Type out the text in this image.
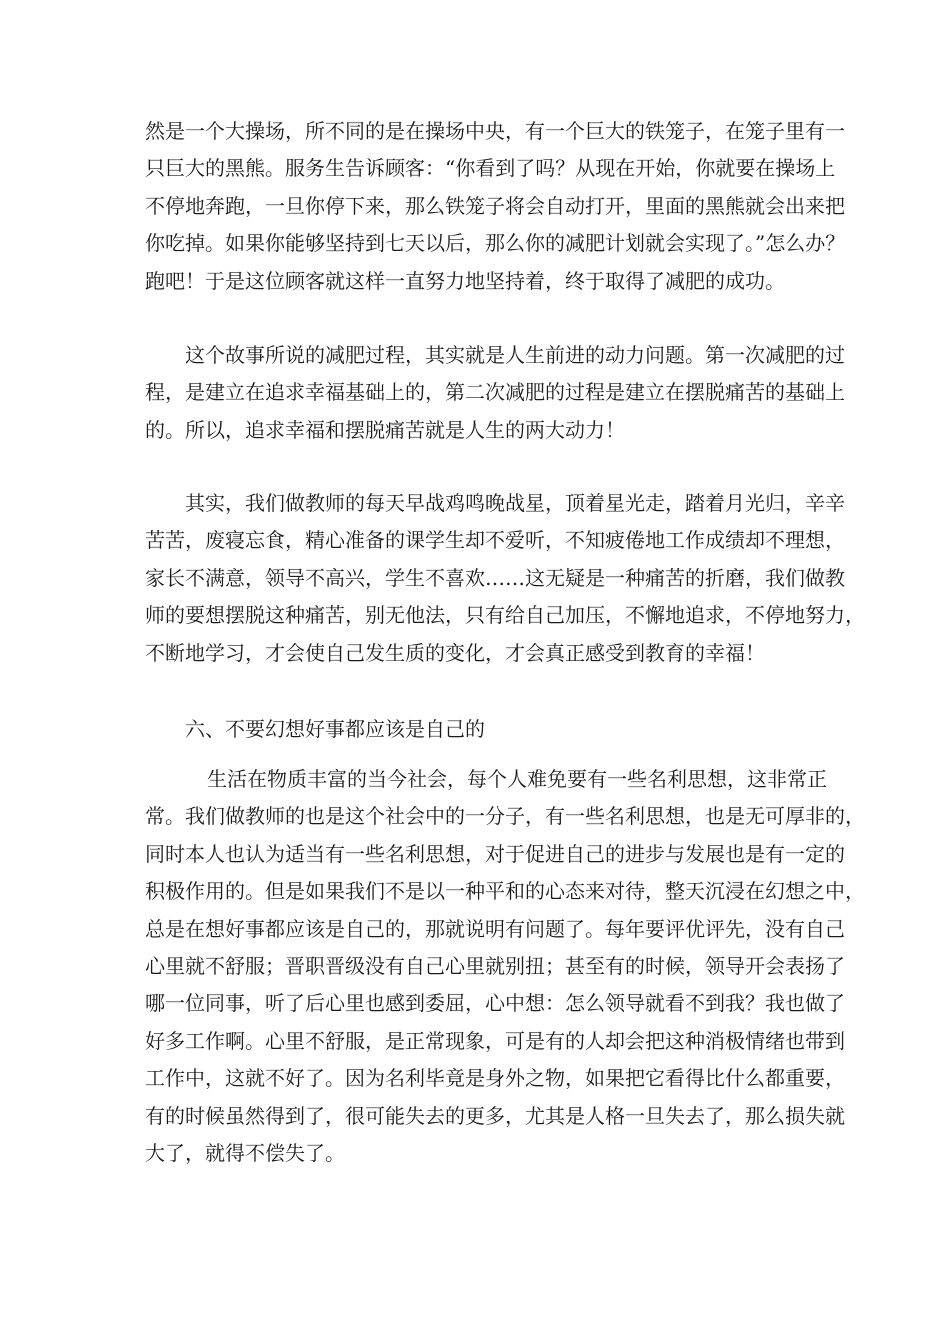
然是一个大操场，所不同的是在操场中央，有一个巨大的铁笼子，在笼子里有一
只巨大的黑熊。服务生告诉顾客：“你看到了吗？从现在开始，你就要在操场上
不停地奔跑，一旦你停下来，那么铁笼子将会自动打开，里面的黑熊就会出来把
你吃掉。如果你能够坚持到七天以后，那么你的减肥计划就会实现了。”怎么办？
跑吧！于是这位顾客就这样一直努力地坚持着，终于取得了减肥的成功。
这个故事所说的减肥过程，其实就是人生前进的动力问题。第一次减肥的过
程，是建立在追求幸福基础上的，第二次减肥的过程是建立在摆脱痛苦的基础上
的。所以，追求幸福和摆脱痛苦就是人生的两大动力！
其实，我们做教师的每天早战鸡鸣晚战星，顶着星光走，踏着月光归，辛辛
苦苦，废寝忘食，精心准备的课学生却不爱听，不知疲倦地工作成绩却不理想，
家长不满意，领导不高兴，学生不喜欢……这无疑是一种痛苦的折磨，我们做教
师的要想摆脱这种痛苦，别无他法，只有给自己加压，不懈地追求，不停地努力，
不断地学习，才会使自己发生质的变化，才会真正感受到教育的幸福！
六、不要幻想好事都应该是自己的
生活在物质丰富的当今社会，每个人难免要有一些名利思想，这非常正
常。我们做教师的也是这个社会中的一分子，有一些名利思想，也是无可厚非的，
同时本人也认为适当有一些名利思想，对于促进自己的进步与发展也是有一定的
积极作用的。但是如果我们不是以一种平和的心态来对待，整天沉浸在幻想之中，
总是在想好事都应该是自己的，那就说明有问题了。每年要评优评先，没有自己
心里就不舒服；晋职晋级没有自己心里就别扭；甚至有的时候，领导开会表扬了
哪一位同事，听了后心里也感到委屈，心中想：怎么领导就看不到我？我也做了
好多工作啊。心里不舒服，是正常现象，可是有的人却会把这种消极情绪也带到
工作中，这就不好了。因为名利毕竟是身外之物，如果把它看得比什么都重要，
有的时候虽然得到了，很可能失去的更多，尤其是人格一旦失去了，那么损失就
大了，就得不偿失了。
